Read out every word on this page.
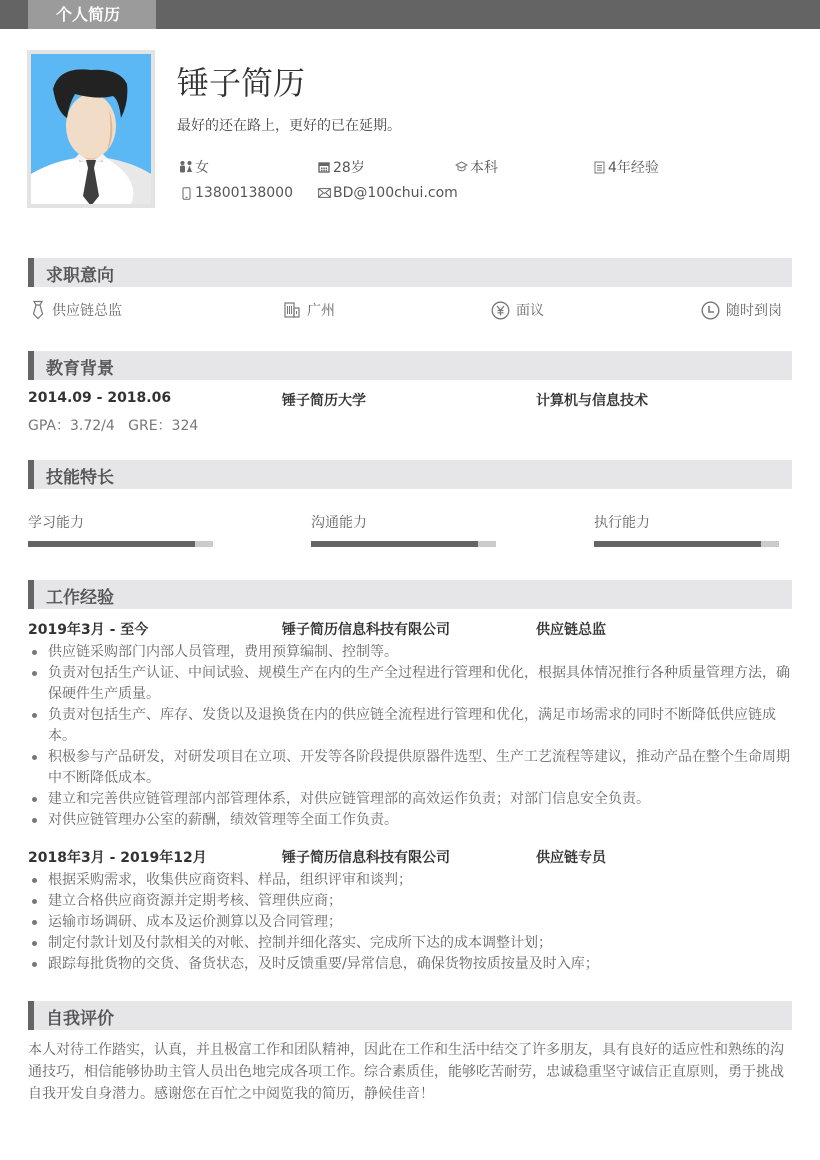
个人简历
锤子简历
最好的还在路上，更好的已在延期。
女	28岁	本科	4年经验
13800138000	BD@100chui.com
求职意向
供应链总监	广州	面议	随时到岗
教育背景
2014.09 - 2018.06	锤子简历大学	计算机与信息技术
GPA：3.72/4   GRE：324
技能特长
学习能力	沟通能力	执行能力
工作经验
2019年3月 - 至今	锤子简历信息科技有限公司	供应链总监
供应链采购部门内部人员管理，费用预算编制、控制等。
负责对包括生产认证、中间试验、规模生产在内的生产全过程进行管理和优化，根据具体情况推行各种质量管理方法，确保硬件生产质量。
负责对包括生产、库存、发货以及退换货在内的供应链全流程进行管理和优化，满足市场需求的同时不断降低供应链成本。
积极参与产品研发，对研发项目在立项、开发等各阶段提供原器件选型、生产工艺流程等建议，推动产品在整个生命周期中不断降低成本。
建立和完善供应链管理部内部管理体系，对供应链管理部的高效运作负责；对部门信息安全负责。
对供应链管理办公室的薪酬，绩效管理等全面工作负责。
2018年3月 - 2019年12月	锤子简历信息科技有限公司	供应链专员
根据采购需求，收集供应商资料、样品，组织评审和谈判；
建立合格供应商资源并定期考核、管理供应商；
运输市场调研、成本及运价测算以及合同管理；
制定付款计划及付款相关的对帐、控制并细化落实、完成所下达的成本调整计划；
跟踪每批货物的交货、备货状态，及时反馈重要/异常信息，确保货物按质按量及时入库；
自我评价
本人对待工作踏实，认真，并且极富工作和团队精神，因此在工作和生活中结交了许多朋友，具有良好的适应性和熟练的沟通技巧，相信能够协助主管人员出色地完成各项工作。综合素质佳，能够吃苦耐劳，忠诚稳重坚守诚信正直原则，勇于挑战自我开发自身潜力。感谢您在百忙之中阅览我的简历，静候佳音！
